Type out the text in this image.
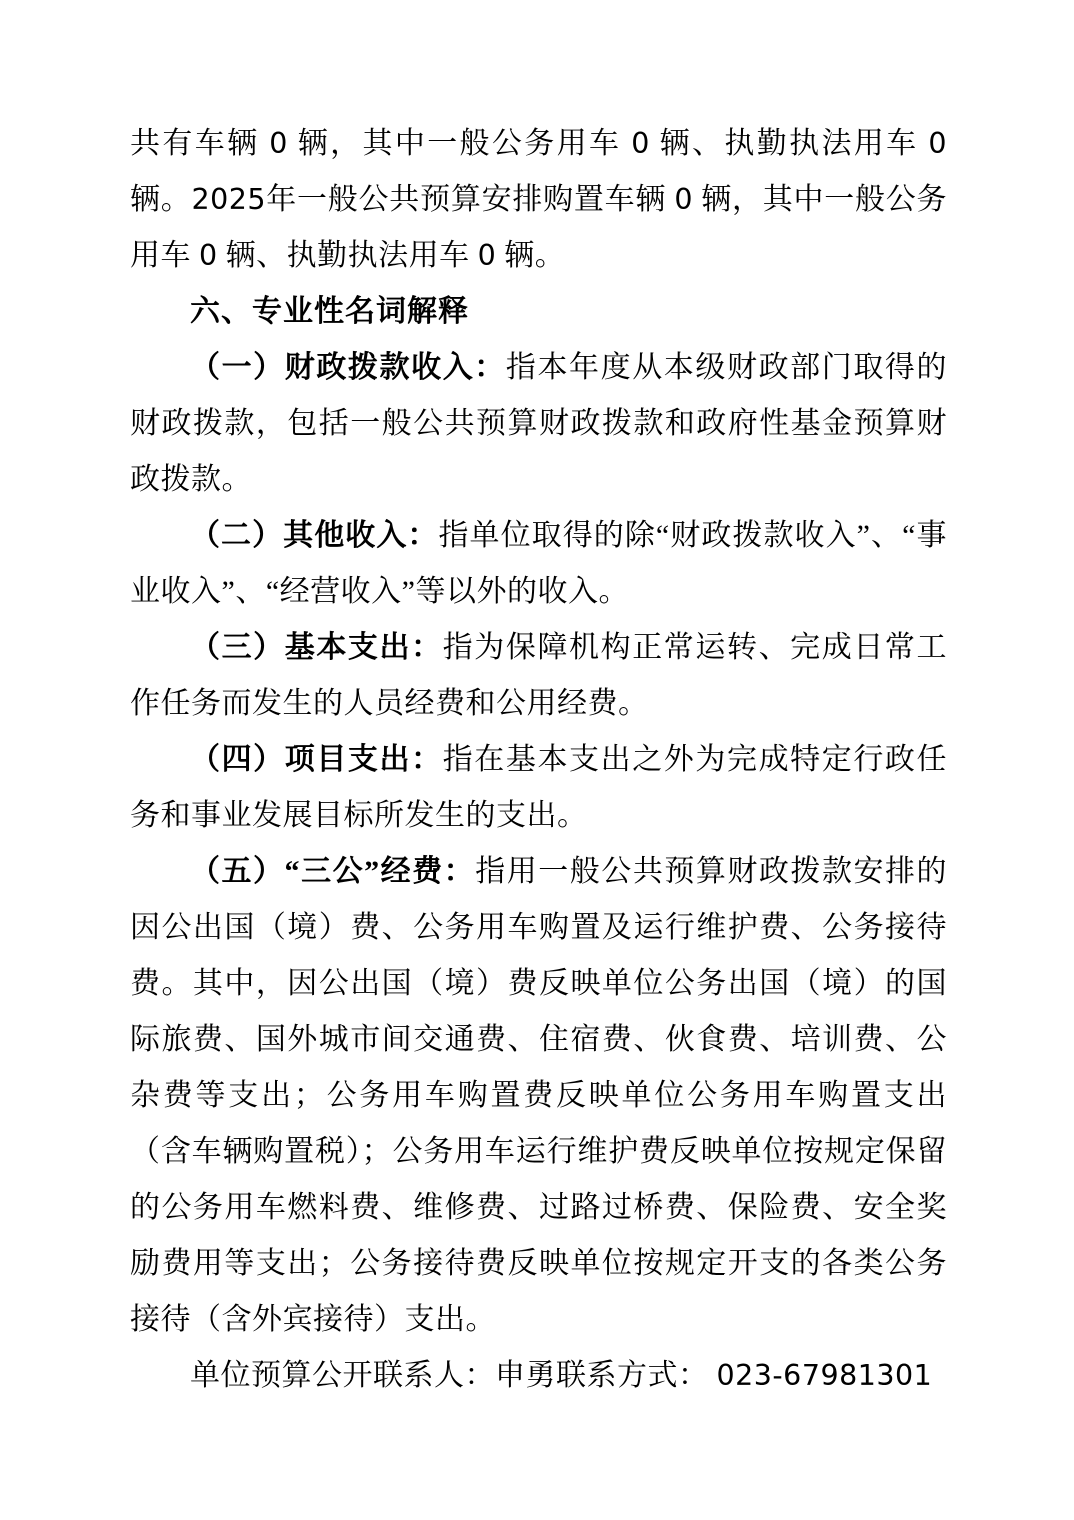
共有车辆 0 辆，其中一般公务用车 0 辆、执勤执法用车 0 辆。2025年一般公共预算安排购置车辆 0 辆，其中一般公务用车 0 辆、执勤执法用车 0 辆。

六、专业性名词解释

（一）财政拨款收入：指本年度从本级财政部门取得的财政拨款，包括一般公共预算财政拨款和政府性基金预算财政拨款。

（二）其他收入：指单位取得的除“财政拨款收入”、“事业收入”、“经营收入”等以外的收入。

（三）基本支出：指为保障机构正常运转、完成日常工作任务而发生的人员经费和公用经费。

（四）项目支出：指在基本支出之外为完成特定行政任务和事业发展目标所发生的支出。

（五）“三公”经费：指用一般公共预算财政拨款安排的因公出国（境）费、公务用车购置及运行维护费、公务接待费。其中，因公出国（境）费反映单位公务出国（境）的国际旅费、国外城市间交通费、住宿费、伙食费、培训费、公杂费等支出；公务用车购置费反映单位公务用车购置支出（含车辆购置税）；公务用车运行维护费反映单位按规定保留的公务用车燃料费、维修费、过路过桥费、保险费、安全奖励费用等支出；公务接待费反映单位按规定开支的各类公务接待（含外宾接待）支出。

单位预算公开联系人：申勇联系方式： 023-67981301
